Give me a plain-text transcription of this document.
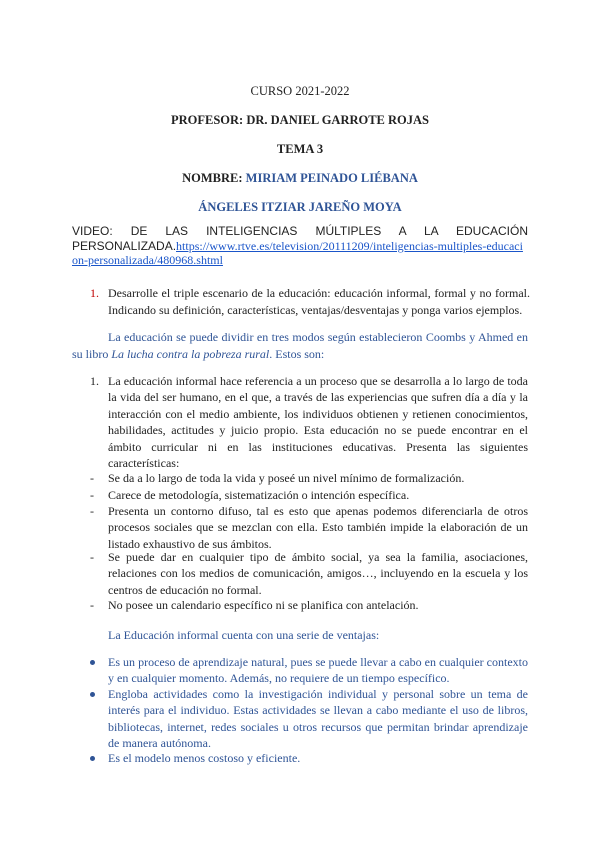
CURSO 2021-2022
PROFESOR: DR. DANIEL GARROTE ROJAS
TEMA 3
NOMBRE: MIRIAM PEINADO LIÉBANA
ÁNGELES ITZIAR JAREÑO MOYA
VIDEO: DE LAS INTELIGENCIAS MÚLTIPLES A LA EDUCACIÓN PERSONALIZADA.https://www.rtve.es/television/20111209/inteligencias-multiples-educacion-personalizada/480968.shtml
1. Desarrolle el triple escenario de la educación: educación informal, formal y no formal. Indicando su definición, características, ventajas/desventajas y ponga varios ejemplos.
La educación se puede dividir en tres modos según establecieron Coombs y Ahmed en su libro La lucha contra la pobreza rural. Estos son:
1. La educación informal hace referencia a un proceso que se desarrolla a lo largo de toda la vida del ser humano, en el que, a través de las experiencias que sufren día a día y la interacción con el medio ambiente, los individuos obtienen y retienen conocimientos, habilidades, actitudes y juicio propio. Esta educación no se puede encontrar en el ámbito curricular ni en las instituciones educativas. Presenta las siguientes características:
- Se da a lo largo de toda la vida y poseé un nivel mínimo de formalización.
- Carece de metodología, sistematización o intención específica.
- Presenta un contorno difuso, tal es esto que apenas podemos diferenciarla de otros procesos sociales que se mezclan con ella. Esto también impide la elaboración de un listado exhaustivo de sus ámbitos.
- Se puede dar en cualquier tipo de ámbito social, ya sea la familia, asociaciones, relaciones con los medios de comunicación, amigos…, incluyendo en la escuela y los centros de educación no formal.
- No posee un calendario específico ni se planifica con antelación.
La Educación informal cuenta con una serie de ventajas:
Es un proceso de aprendizaje natural, pues se puede llevar a cabo en cualquier contexto y en cualquier momento. Además, no requiere de un tiempo específico.
Engloba actividades como la investigación individual y personal sobre un tema de interés para el individuo. Estas actividades se llevan a cabo mediante el uso de libros, bibliotecas, internet, redes sociales u otros recursos que permitan brindar aprendizaje de manera autónoma.
Es el modelo menos costoso y eficiente.
